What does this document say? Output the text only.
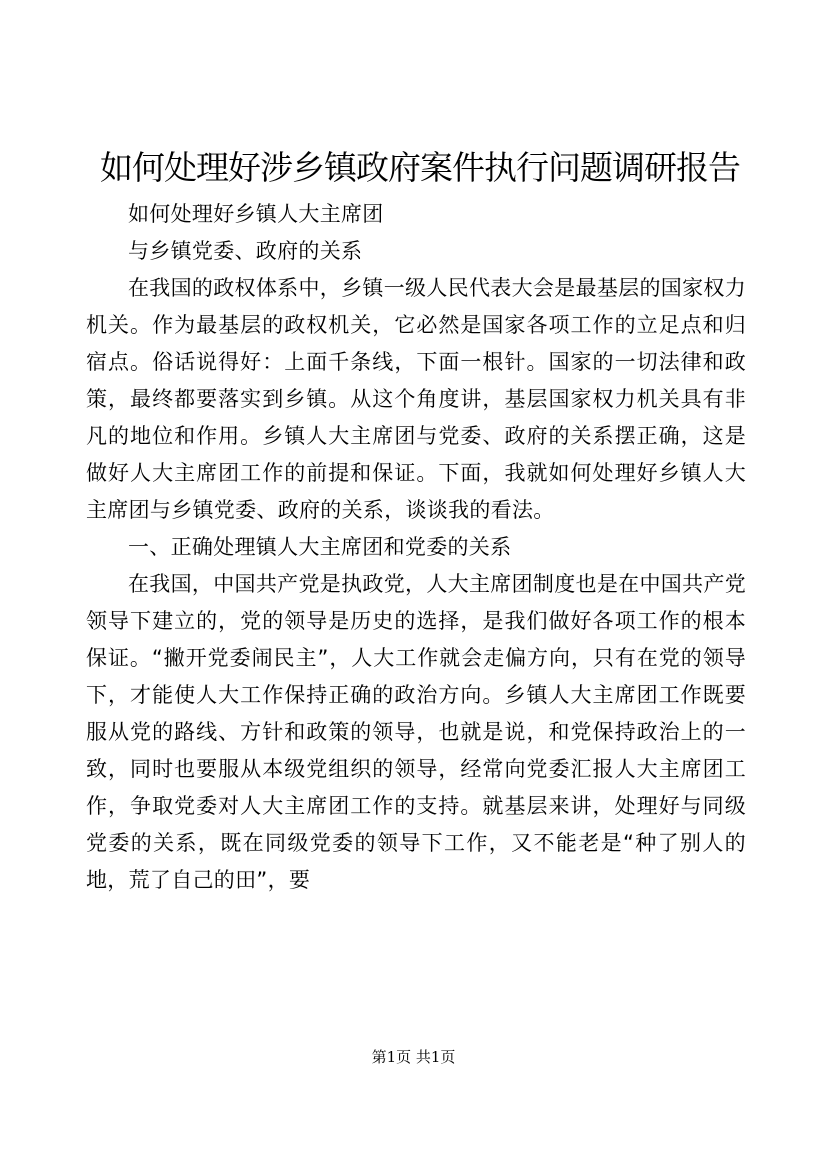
如何处理好涉乡镇政府案件执行问题调研报告

如何处理好乡镇人大主席团

与乡镇党委、政府的关系

在我国的政权体系中，乡镇一级人民代表大会是最基层的国家权力机关。作为最基层的政权机关，它必然是国家各项工作的立足点和归宿点。俗话说得好：上面千条线，下面一根针。国家的一切法律和政策，最终都要落实到乡镇。从这个角度讲，基层国家权力机关具有非凡的地位和作用。乡镇人大主席团与党委、政府的关系摆正确，这是做好人大主席团工作的前提和保证。下面，我就如何处理好乡镇人大主席团与乡镇党委、政府的关系，谈谈我的看法。

一、正确处理镇人大主席团和党委的关系

在我国，中国共产党是执政党，人大主席团制度也是在中国共产党领导下建立的，党的领导是历史的选择，是我们做好各项工作的根本保证。“撇开党委闹民主”，人大工作就会走偏方向，只有在党的领导下，才能使人大工作保持正确的政治方向。乡镇人大主席团工作既要服从党的路线、方针和政策的领导，也就是说，和党保持政治上的一致，同时也要服从本级党组织的领导，经常向党委汇报人大主席团工作，争取党委对人大主席团工作的支持。就基层来讲，处理好与同级党委的关系，既在同级党委的领导下工作，又不能老是“种了别人的地，荒了自己的田”，要

第1页 共1页
